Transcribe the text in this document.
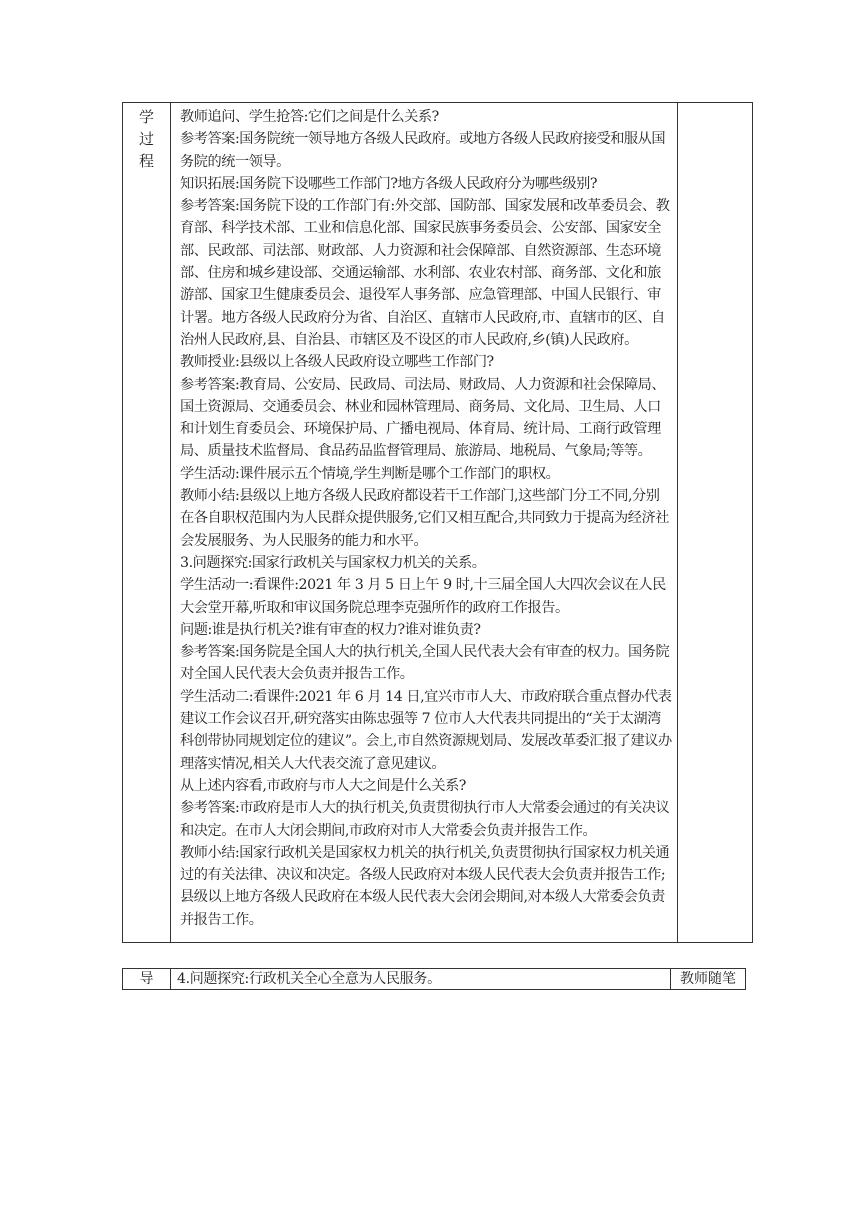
学
过
程

教师追问、学生抢答:它们之间是什么关系?

参考答案:国务院统一领导地方各级人民政府。或地方各级人民政府接受和服从国务院的统一领导。

知识拓展:国务院下设哪些工作部门?地方各级人民政府分为哪些级别?

参考答案:国务院下设的工作部门有:外交部、国防部、国家发展和改革委员会、教育部、科学技术部、工业和信息化部、国家民族事务委员会、公安部、国家安全部、民政部、司法部、财政部、人力资源和社会保障部、自然资源部、生态环境部、住房和城乡建设部、交通运输部、水利部、农业农村部、商务部、文化和旅游部、国家卫生健康委员会、退役军人事务部、应急管理部、中国人民银行、审计署。地方各级人民政府分为省、自治区、直辖市人民政府,市、直辖市的区、自治州人民政府,县、自治县、市辖区及不设区的市人民政府,乡(镇)人民政府。

教师授业:县级以上各级人民政府设立哪些工作部门?

参考答案:教育局、公安局、民政局、司法局、财政局、人力资源和社会保障局、国土资源局、交通委员会、林业和园林管理局、商务局、文化局、卫生局、人口和计划生育委员会、环境保护局、广播电视局、体育局、统计局、工商行政管理局、质量技术监督局、食品药品监督管理局、旅游局、地税局、气象局;等等。

学生活动:课件展示五个情境,学生判断是哪个工作部门的职权。

教师小结:县级以上地方各级人民政府都设若干工作部门,这些部门分工不同,分别在各自职权范围内为人民群众提供服务,它们又相互配合,共同致力于提高为经济社会发展服务、为人民服务的能力和水平。

3.问题探究:国家行政机关与国家权力机关的关系。

学生活动一:看课件:2021 年 3 月 5 日上午 9 时,十三届全国人大四次会议在人民大会堂开幕,听取和审议国务院总理李克强所作的政府工作报告。

问题:谁是执行机关?谁有审查的权力?谁对谁负责?

参考答案:国务院是全国人大的执行机关,全国人民代表大会有审查的权力。国务院对全国人民代表大会负责并报告工作。

学生活动二:看课件:2021 年 6 月 14 日,宜兴市市人大、市政府联合重点督办代表建议工作会议召开,研究落实由陈忠强等 7 位市人大代表共同提出的“关于太湖湾科创带协同规划定位的建议”。会上,市自然资源规划局、发展改革委汇报了建议办理落实情况,相关人大代表交流了意见建议。

从上述内容看,市政府与市人大之间是什么关系?

参考答案:市政府是市人大的执行机关,负责贯彻执行市人大常委会通过的有关决议和决定。在市人大闭会期间,市政府对市人大常委会负责并报告工作。

教师小结:国家行政机关是国家权力机关的执行机关,负责贯彻执行国家权力机关通过的有关法律、决议和决定。各级人民政府对本级人民代表大会负责并报告工作;县级以上地方各级人民政府在本级人民代表大会闭会期间,对本级人大常委会负责并报告工作。

导	4.问题探究:行政机关全心全意为人民服务。	教师随笔
